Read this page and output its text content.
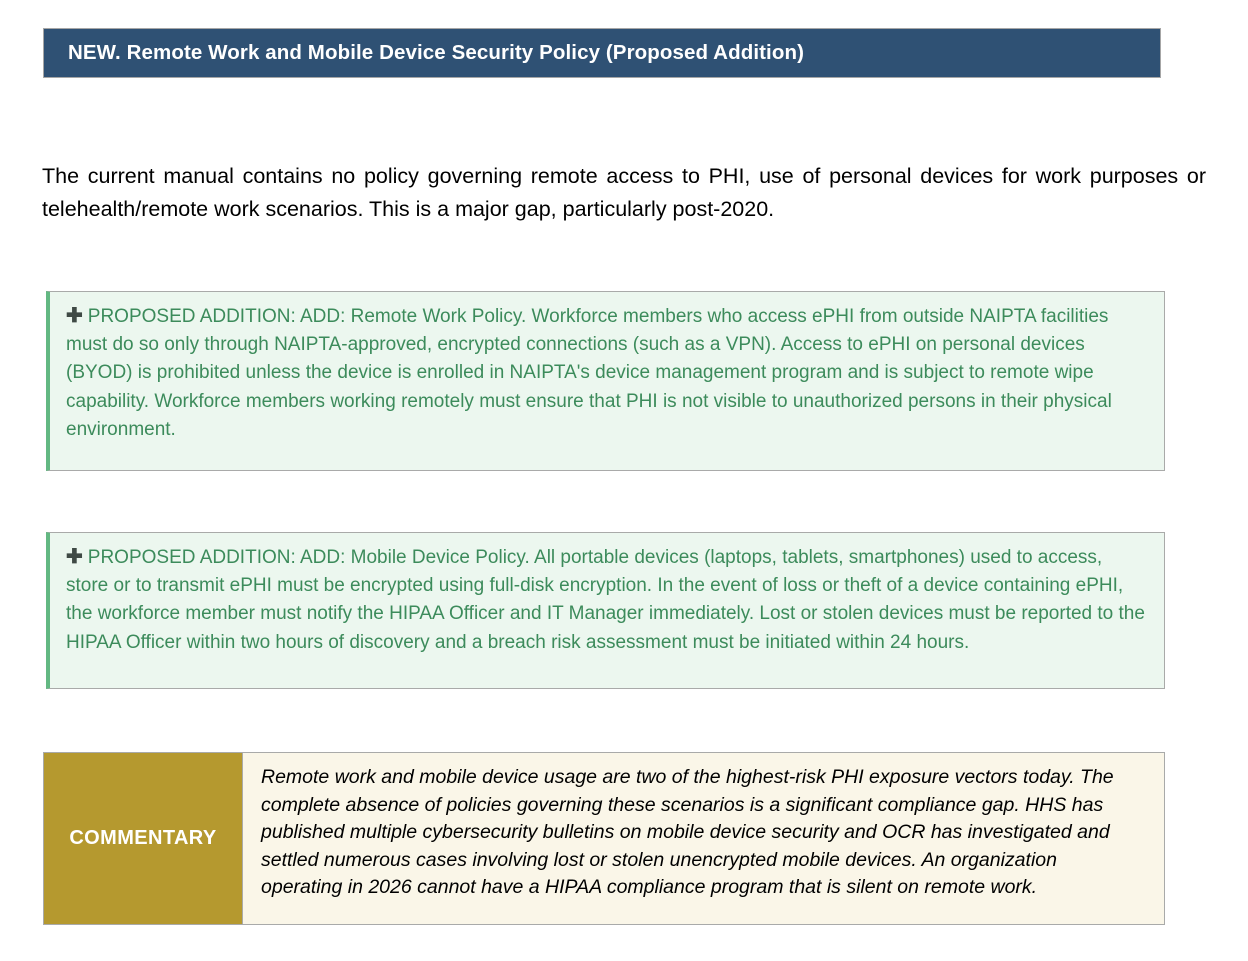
NEW. Remote Work and Mobile Device Security Policy (Proposed Addition)

The current manual contains no policy governing remote access to PHI, use of personal devices for work purposes or telehealth/remote work scenarios. This is a major gap, particularly post-2020.

✚ PROPOSED ADDITION: ADD: Remote Work Policy. Workforce members who access ePHI from outside NAIPTA facilities must do so only through NAIPTA-approved, encrypted connections (such as a VPN). Access to ePHI on personal devices (BYOD) is prohibited unless the device is enrolled in NAIPTA's device management program and is subject to remote wipe capability. Workforce members working remotely must ensure that PHI is not visible to unauthorized persons in their physical environment.
✚ PROPOSED ADDITION: ADD: Mobile Device Policy. All portable devices (laptops, tablets, smartphones) used to access, store or to transmit ePHI must be encrypted using full-disk encryption. In the event of loss or theft of a device containing ePHI, the workforce member must notify the HIPAA Officer and IT Manager immediately. Lost or stolen devices must be reported to the HIPAA Officer within two hours of discovery and a breach risk assessment must be initiated within 24 hours.
COMMENTARY
Remote work and mobile device usage are two of the highest-risk PHI exposure vectors today. The complete absence of policies governing these scenarios is a significant compliance gap. HHS has published multiple cybersecurity bulletins on mobile device security and OCR has investigated and settled numerous cases involving lost or stolen unencrypted mobile devices. An organization operating in 2026 cannot have a HIPAA compliance program that is silent on remote work.
